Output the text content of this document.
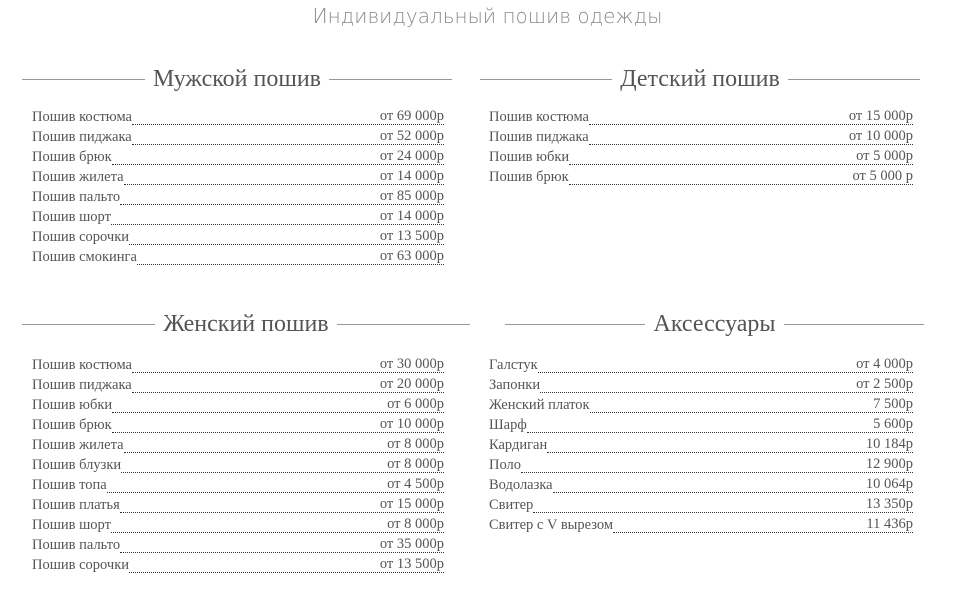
Индивидуальный пошив одежды
Мужской пошив
Пошив костюма	от 69 000р
Пошив пиджака	от 52 000р
Пошив брюк	от 24 000р
Пошив жилета	от 14 000р
Пошив пальто	от 85 000р
Пошив шорт	от 14 000р
Пошив сорочки	от 13 500р
Пошив смокинга	от 63 000р
Детский пошив
Пошив костюма	от 15 000р
Пошив пиджака	от 10 000р
Пошив юбки	от 5 000р
Пошив брюк	от 5 000 р
Женский пошив
Пошив костюма	от 30 000р
Пошив пиджака	от 20 000р
Пошив юбки	от 6 000р
Пошив брюк	от 10 000р
Пошив жилета	от 8 000р
Пошив блузки	от 8 000р
Пошив топа	от 4 500р
Пошив платья	от 15 000р
Пошив шорт	от 8 000р
Пошив пальто	от 35 000р
Пошив сорочки	от 13 500р
Аксессуары
Галстук	от 4 000р
Запонки	от 2 500р
Женский платок	7 500р
Шарф	5 600р
Кардиган	10 184р
Поло	12 900р
Водолазка	10 064р
Свитер	13 350р
Свитер с V вырезом	11 436р
